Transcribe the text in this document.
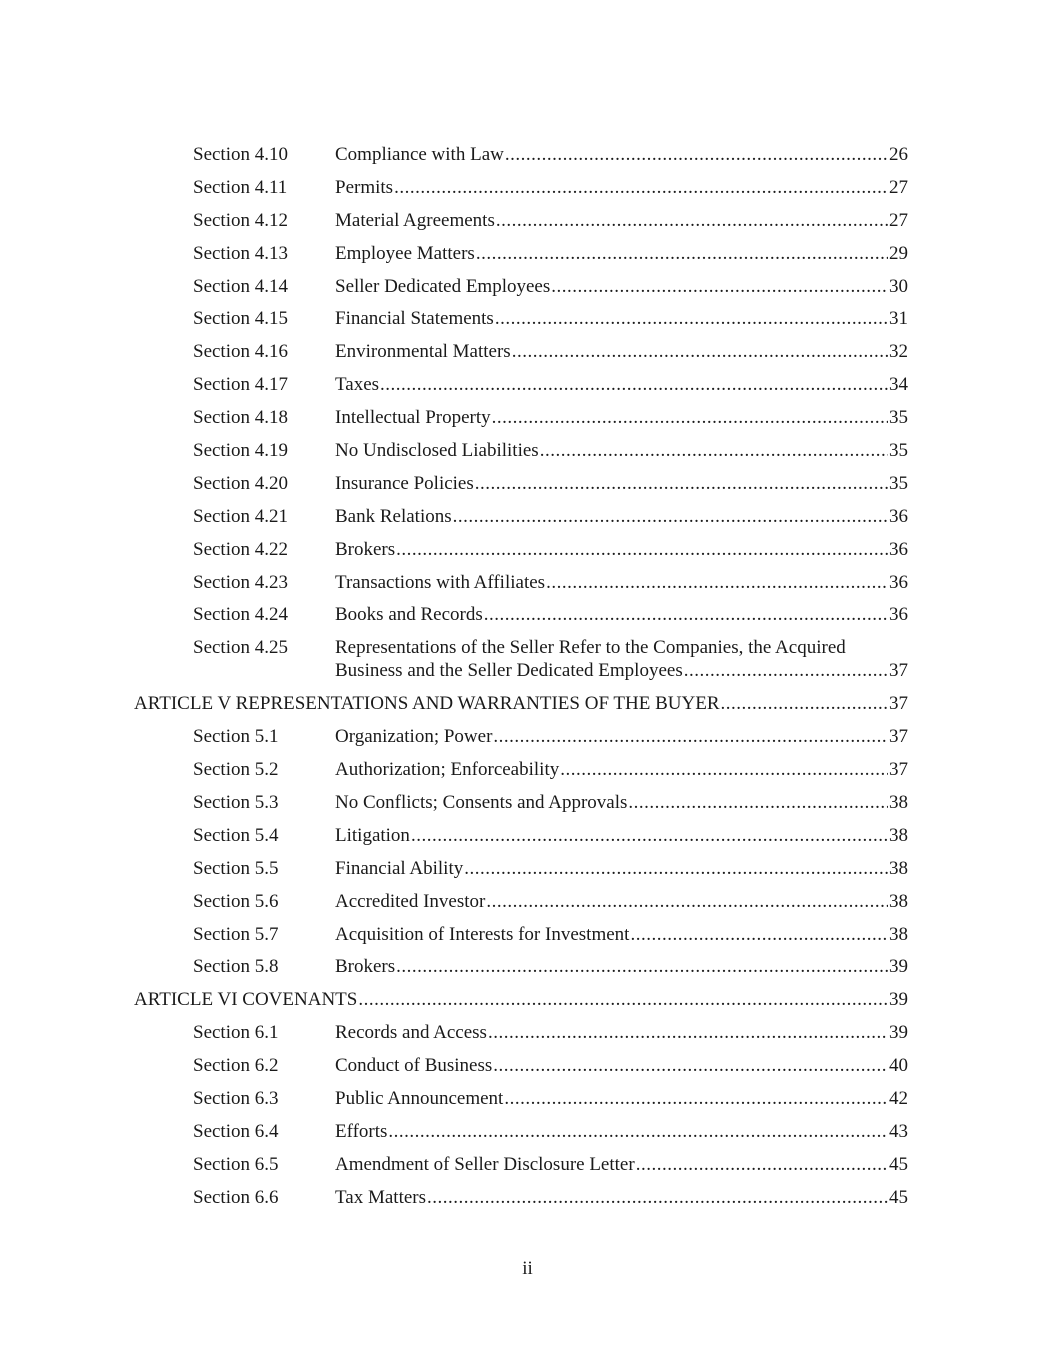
Section 4.10 Compliance with Law .....	26
Section 4.11	Permits .....	27
Section 4.12 Material Agreements .....	27
Section 4.13 Employee Matters .....	29
Section 4.14 Seller Dedicated Employees .....	30
Section 4.15 Financial Statements .....	31
Section 4.16 Environmental Matters .....	32
Section 4.17 Taxes .....	34
Section 4.18 Intellectual Property .....	35
Section 4.19 No Undisclosed Liabilities .....	35
Section 4.20 Insurance Policies .....	35
Section 4.21 Bank Relations .....	36
Section 4.22 Brokers .....	36
Section 4.23 Transactions with Affiliates .....	36
Section 4.24 Books and Records .....	36
Section 4.25 Representations of the Seller Refer to the Companies, the Acquired
Business and the Seller Dedicated Employees .....	37
ARTICLE V REPRESENTATIONS AND WARRANTIES OF THE BUYER .....	37
Section 5.1	Organization; Power .....	37
Section 5.2	Authorization; Enforceability .....	37
Section 5.3	No Conflicts; Consents and Approvals .....	38
Section 5.4	Litigation .....	38
Section 5.5	Financial Ability .....	38
Section 5.6	Accredited Investor .....	38
Section 5.7	Acquisition of Interests for Investment .....	38
Section 5.8	Brokers .....	39
ARTICLE VI COVENANTS .....	39
Section 6.1	Records and Access .....	39
Section 6.2	Conduct of Business .....	40
Section 6.3	Public Announcement .....	42
Section 6.4	Efforts .....	43
Section 6.5	Amendment of Seller Disclosure Letter .....	45
Section 6.6	Tax Matters .....	45
ii
